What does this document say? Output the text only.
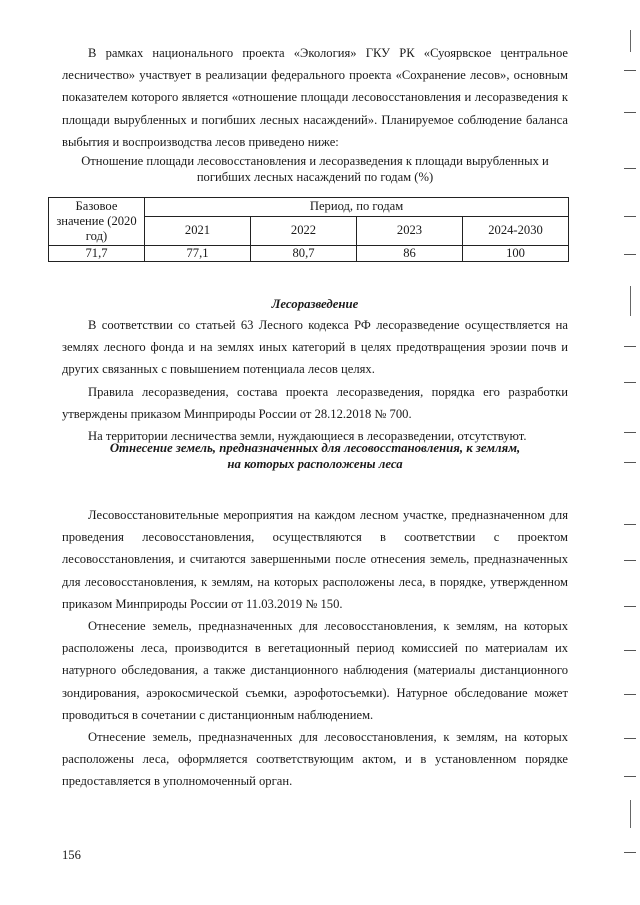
В рамках национального проекта «Экология» ГКУ РК «Суоярвское центральное лесничество» участвует в реализации федерального проекта «Сохранение лесов», основным показателем которого является «отношение площади лесовосстановления и лесоразведения к площади вырубленных и погибших лесных насаждений». Планируемое соблюдение баланса выбытия и воспроизводства лесов приведено ниже:

Отношение площади лесовосстановления и лесоразведения к площади вырубленных и погибших лесных насаждений по годам (%)
Базовое значение (2020 год)	Период, по годам			
	2021	2022	2023	2024-2030
71,7	77,1	80,7	86	100
Лесоразведение

В соответствии со статьей 63 Лесного кодекса РФ лесоразведение осуществляется на землях лесного фонда и на землях иных категорий в целях предотвращения эрозии почв и других связанных с повышением потенциала лесов целях.

Правила лесоразведения, состава проекта лесоразведения, порядка его разработки утверждены приказом Минприроды России от 28.12.2018 № 700.

На территории лесничества земли, нуждающиеся в лесоразведении, отсутствуют.

Отнесение земель, предназначенных для лесовосстановления, к землям,
на которых расположены леса

Лесовосстановительные мероприятия на каждом лесном участке, предназначенном для проведения лесовосстановления, осуществляются в соответствии с проектом лесовосстановления, и считаются завершенными после отнесения земель, предназначенных для лесовосстановления, к землям, на которых расположены леса, в порядке, утвержденном приказом Минприроды России от 11.03.2019 № 150.

Отнесение земель, предназначенных для лесовосстановления, к землям, на которых расположены леса, производится в вегетационный период комиссией по материалам их натурного обследования, а также дистанционного наблюдения (материалы дистанционного зондирования, аэрокосмической съемки, аэрофотосъемки). Натурное обследование может проводиться в сочетании с дистанционным наблюдением.

Отнесение земель, предназначенных для лесовосстановления, к землям, на которых расположены леса, оформляется соответствующим актом, и в установленном порядке предоставляется в уполномоченный орган.

156
